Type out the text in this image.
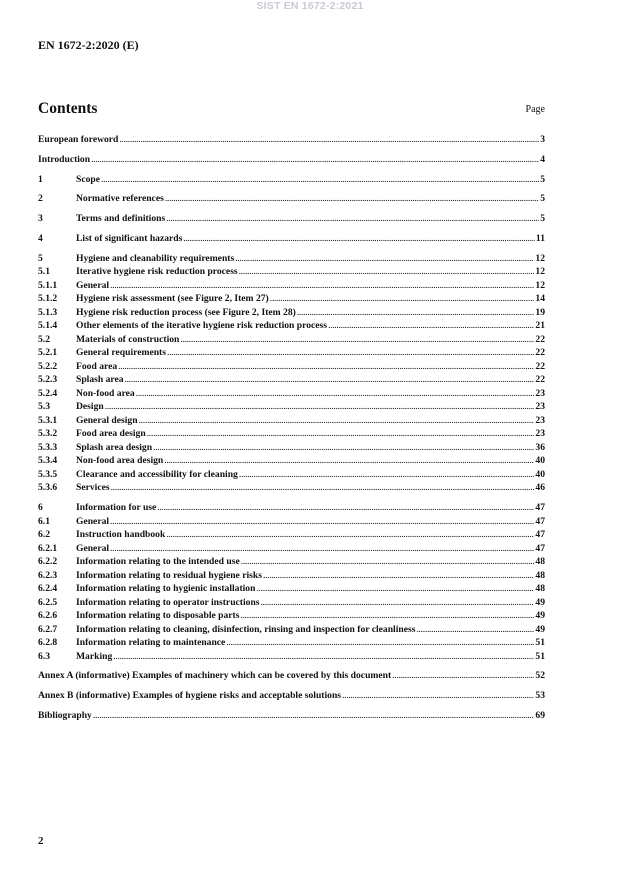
SIST EN 1672-2:2021
EN 1672-2:2020 (E)
Contents	Page
European foreword .....	3
Introduction .....	4
1	Scope .....	5
2	Normative references .....	5
3	Terms and definitions .....	5
4	List of significant hazards .....	11
5	Hygiene and cleanability requirements .....	12
5.1	Iterative hygiene risk reduction process .....	12
5.1.1	General .....	12
5.1.2	Hygiene risk assessment (see Figure 2, Item 27) .....	14
5.1.3	Hygiene risk reduction process (see Figure 2, Item 28) .....	19
5.1.4	Other elements of the iterative hygiene risk reduction process .....	21
5.2	Materials of construction .....	22
5.2.1	General requirements .....	22
5.2.2	Food area .....	22
5.2.3	Splash area .....	22
5.2.4	Non-food area .....	23
5.3	Design .....	23
5.3.1	General design .....	23
5.3.2	Food area design .....	23
5.3.3	Splash area design .....	36
5.3.4	Non-food area design .....	40
5.3.5	Clearance and accessibility for cleaning .....	40
5.3.6	Services .....	46
6	Information for use .....	47
6.1	General .....	47
6.2	Instruction handbook .....	47
6.2.1	General .....	47
6.2.2	Information relating to the intended use .....	48
6.2.3	Information relating to residual hygiene risks .....	48
6.2.4	Information relating to hygienic installation .....	48
6.2.5	Information relating to operator instructions .....	49
6.2.6	Information relating to disposable parts .....	49
6.2.7	Information relating to cleaning, disinfection, rinsing and inspection for cleanliness .....	49
6.2.8	Information relating to maintenance .....	51
6.3	Marking .....	51
Annex A (informative) Examples of machinery which can be covered by this document .....	52
Annex B (informative) Examples of hygiene risks and acceptable solutions .....	53
Bibliography .....	69
2
